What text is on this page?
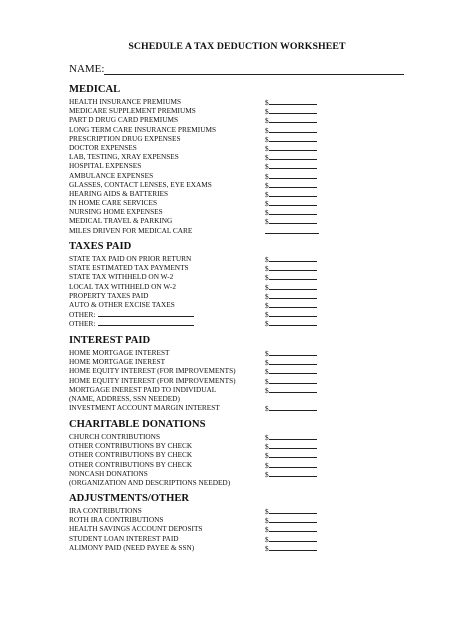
SCHEDULE A TAX DEDUCTION WORKSHEET
NAME:
MEDICAL
HEALTH INSURANCE PREMIUMS	$
MEDICARE SUPPLEMENT PREMIUMS	$
PART D DRUG CARD PREMIUMS	$
LONG TERM CARE INSURANCE PREMIUMS	$
PRESCRIPTION DRUG EXPENSES	$
DOCTOR EXPENSES	$
LAB, TESTING, XRAY EXPENSES	$
HOSPITAL EXPENSES	$
AMBULANCE EXPENSES	$
GLASSES, CONTACT LENSES, EYE EXAMS	$
HEARING AIDS & BATTERIES	$
IN HOME CARE SERVICES	$
NURSING HOME EXPENSES	$
MEDICAL TRAVEL & PARKING	$
MILES DRIVEN FOR MEDICAL CARE
TAXES PAID
STATE TAX PAID ON PRIOR RETURN	$
STATE ESTIMATED TAX PAYMENTS	$
STATE TAX WITHHELD ON W-2	$
LOCAL TAX WITHHELD ON W-2	$
PROPERTY TAXES PAID	$
AUTO & OTHER EXCISE TAXES	$
OTHER:	$
OTHER:	$
INTEREST PAID
HOME MORTGAGE INTEREST	$
HOME MORTGAGE INEREST	$
HOME EQUITY INTEREST (FOR IMPROVEMENTS)	$
HOME EQUITY INTEREST (FOR IMPROVEMENTS)	$
MORTGAGE INEREST PAID TO INDIVIDUAL	$
(NAME, ADDRESS, SSN NEEDED)
INVESTMENT ACCOUNT MARGIN INTEREST	$
CHARITABLE DONATIONS
CHURCH CONTRIBUTIONS	$
OTHER CONTRIBUTIONS BY CHECK	$
OTHER CONTRIBUTIONS BY CHECK	$
OTHER CONTRIBUTIONS BY CHECK	$
NONCASH DONATIONS	$
(ORGANIZATION AND DESCRIPTIONS NEEDED)
ADJUSTMENTS/OTHER
IRA CONTRIBUTIONS	$
ROTH IRA CONTRIBUTIONS	$
HEALTH SAVINGS ACCOUNT DEPOSITS	$
STUDENT LOAN INTEREST PAID	$
ALIMONY PAID (NEED PAYEE & SSN)	$
